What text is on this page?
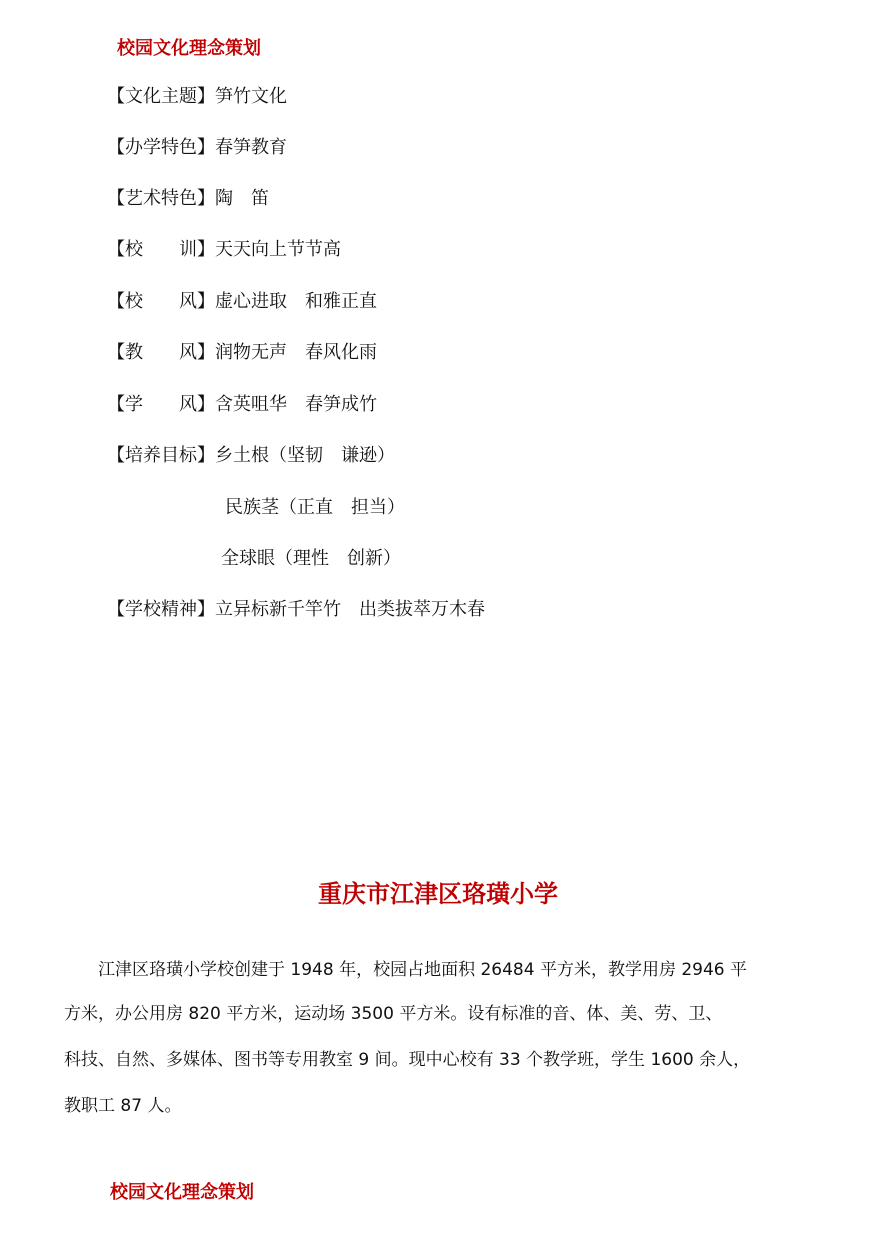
校园文化理念策划

【文化主题】笋竹文化

【办学特色】春笋教育

【艺术特色】陶　笛

【校　　训】天天向上节节高

【校　　风】虚心进取　和雅正直

【教　　风】润物无声　春风化雨

【学　　风】含英咀华　春笋成竹

【培养目标】乡土根（坚韧　谦逊）

民族茎（正直　担当）

全球眼（理性　创新）

【学校精神】立异标新千竿竹　出类拔萃万木春

重庆市江津区珞璜小学

　　江津区珞璜小学校创建于 1948 年，校园占地面积 26484 平方米，教学用房 2946 平

方米，办公用房 820 平方米，运动场 3500 平方米。设有标准的音、体、美、劳、卫、

科技、自然、多媒体、图书等专用教室 9 间。现中心校有 33 个教学班，学生 1600 余人，

教职工 87 人。

校园文化理念策划
